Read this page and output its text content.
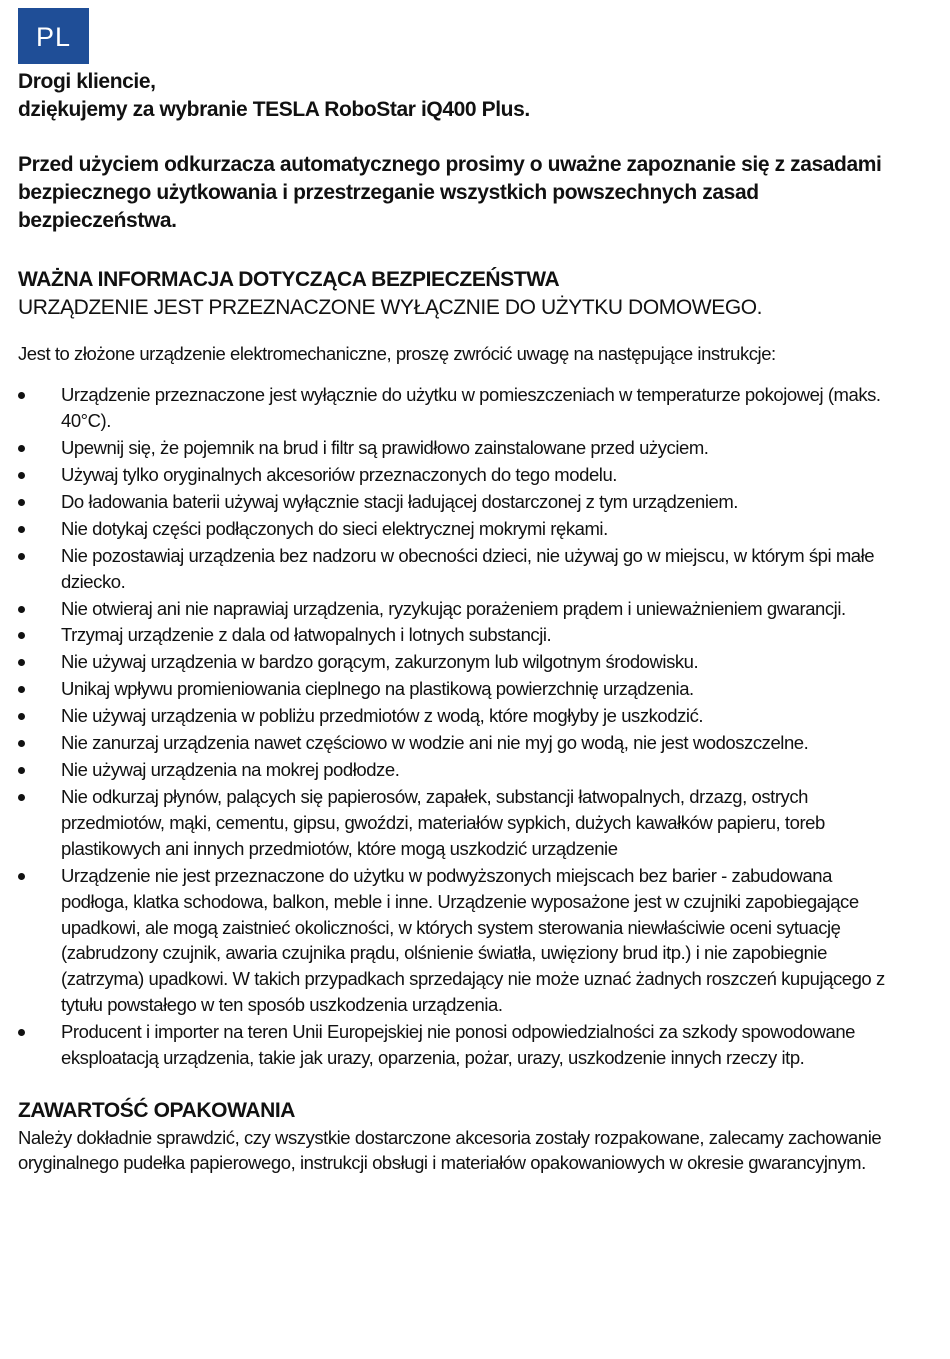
PL
Drogi kliencie,
dziękujemy za wybranie TESLA RoboStar iQ400 Plus.
Przed użyciem odkurzacza automatycznego prosimy o uważne zapoznanie się z zasadami bezpiecznego użytkowania i przestrzeganie wszystkich powszechnych zasad bezpieczeństwa.
WAŻNA INFORMACJA DOTYCZĄCA BEZPIECZEŃSTWA
URZĄDZENIE JEST PRZEZNACZONE WYŁĄCZNIE DO UŻYTKU DOMOWEGO.
Jest to złożone urządzenie elektromechaniczne, proszę zwrócić uwagę na następujące instrukcje:
Urządzenie przeznaczone jest wyłącznie do użytku w pomieszczeniach w temperaturze pokojowej (maks. 40°C).
Upewnij się, że pojemnik na brud i filtr są prawidłowo zainstalowane przed użyciem.
Używaj tylko oryginalnych akcesoriów przeznaczonych do tego modelu.
Do ładowania baterii używaj wyłącznie stacji ładującej dostarczonej z tym urządzeniem.
Nie dotykaj części podłączonych do sieci elektrycznej mokrymi rękami.
Nie pozostawiaj urządzenia bez nadzoru w obecności dzieci, nie używaj go w miejscu, w którym śpi małe dziecko.
Nie otwieraj ani nie naprawiaj urządzenia, ryzykując porażeniem prądem i unieważnieniem gwarancji.
Trzymaj urządzenie z dala od łatwopalnych i lotnych substancji.
Nie używaj urządzenia w bardzo gorącym, zakurzonym lub wilgotnym środowisku.
Unikaj wpływu promieniowania cieplnego na plastikową powierzchnię urządzenia.
Nie używaj urządzenia w pobliżu przedmiotów z wodą, które mogłyby je uszkodzić.
Nie zanurzaj urządzenia nawet częściowo w wodzie ani nie myj go wodą, nie jest wodoszczelne.
Nie używaj urządzenia na mokrej podłodze.
Nie odkurzaj płynów, palących się papierosów, zapałek, substancji łatwopalnych, drzazg, ostrych przedmiotów, mąki, cementu, gipsu, gwoździ, materiałów sypkich, dużych kawałków papieru, toreb plastikowych ani innych przedmiotów, które mogą uszkodzić urządzenie
Urządzenie nie jest przeznaczone do użytku w podwyższonych miejscach bez barier - zabudowana podłoga, klatka schodowa, balkon, meble i inne. Urządzenie wyposażone jest w czujniki zapobiegające upadkowi, ale mogą zaistnieć okoliczności, w których system sterowania niewłaściwie oceni sytuację (zabrudzony czujnik, awaria czujnika prądu, olśnienie światła, uwięziony brud itp.) i nie zapobiegnie (zatrzyma) upadkowi. W takich przypadkach sprzedający nie może uznać żadnych roszczeń kupującego z tytułu powstałego w ten sposób uszkodzenia urządzenia.
Producent i importer na teren Unii Europejskiej nie ponosi odpowiedzialności za szkody spowodowane eksploatacją urządzenia, takie jak urazy, oparzenia, pożar, urazy, uszkodzenie innych rzeczy itp.
ZAWARTOŚĆ OPAKOWANIA
Należy dokładnie sprawdzić, czy wszystkie dostarczone akcesoria zostały rozpakowane, zalecamy zachowanie oryginalnego pudełka papierowego, instrukcji obsługi i materiałów opakowaniowych w okresie gwarancyjnym.
